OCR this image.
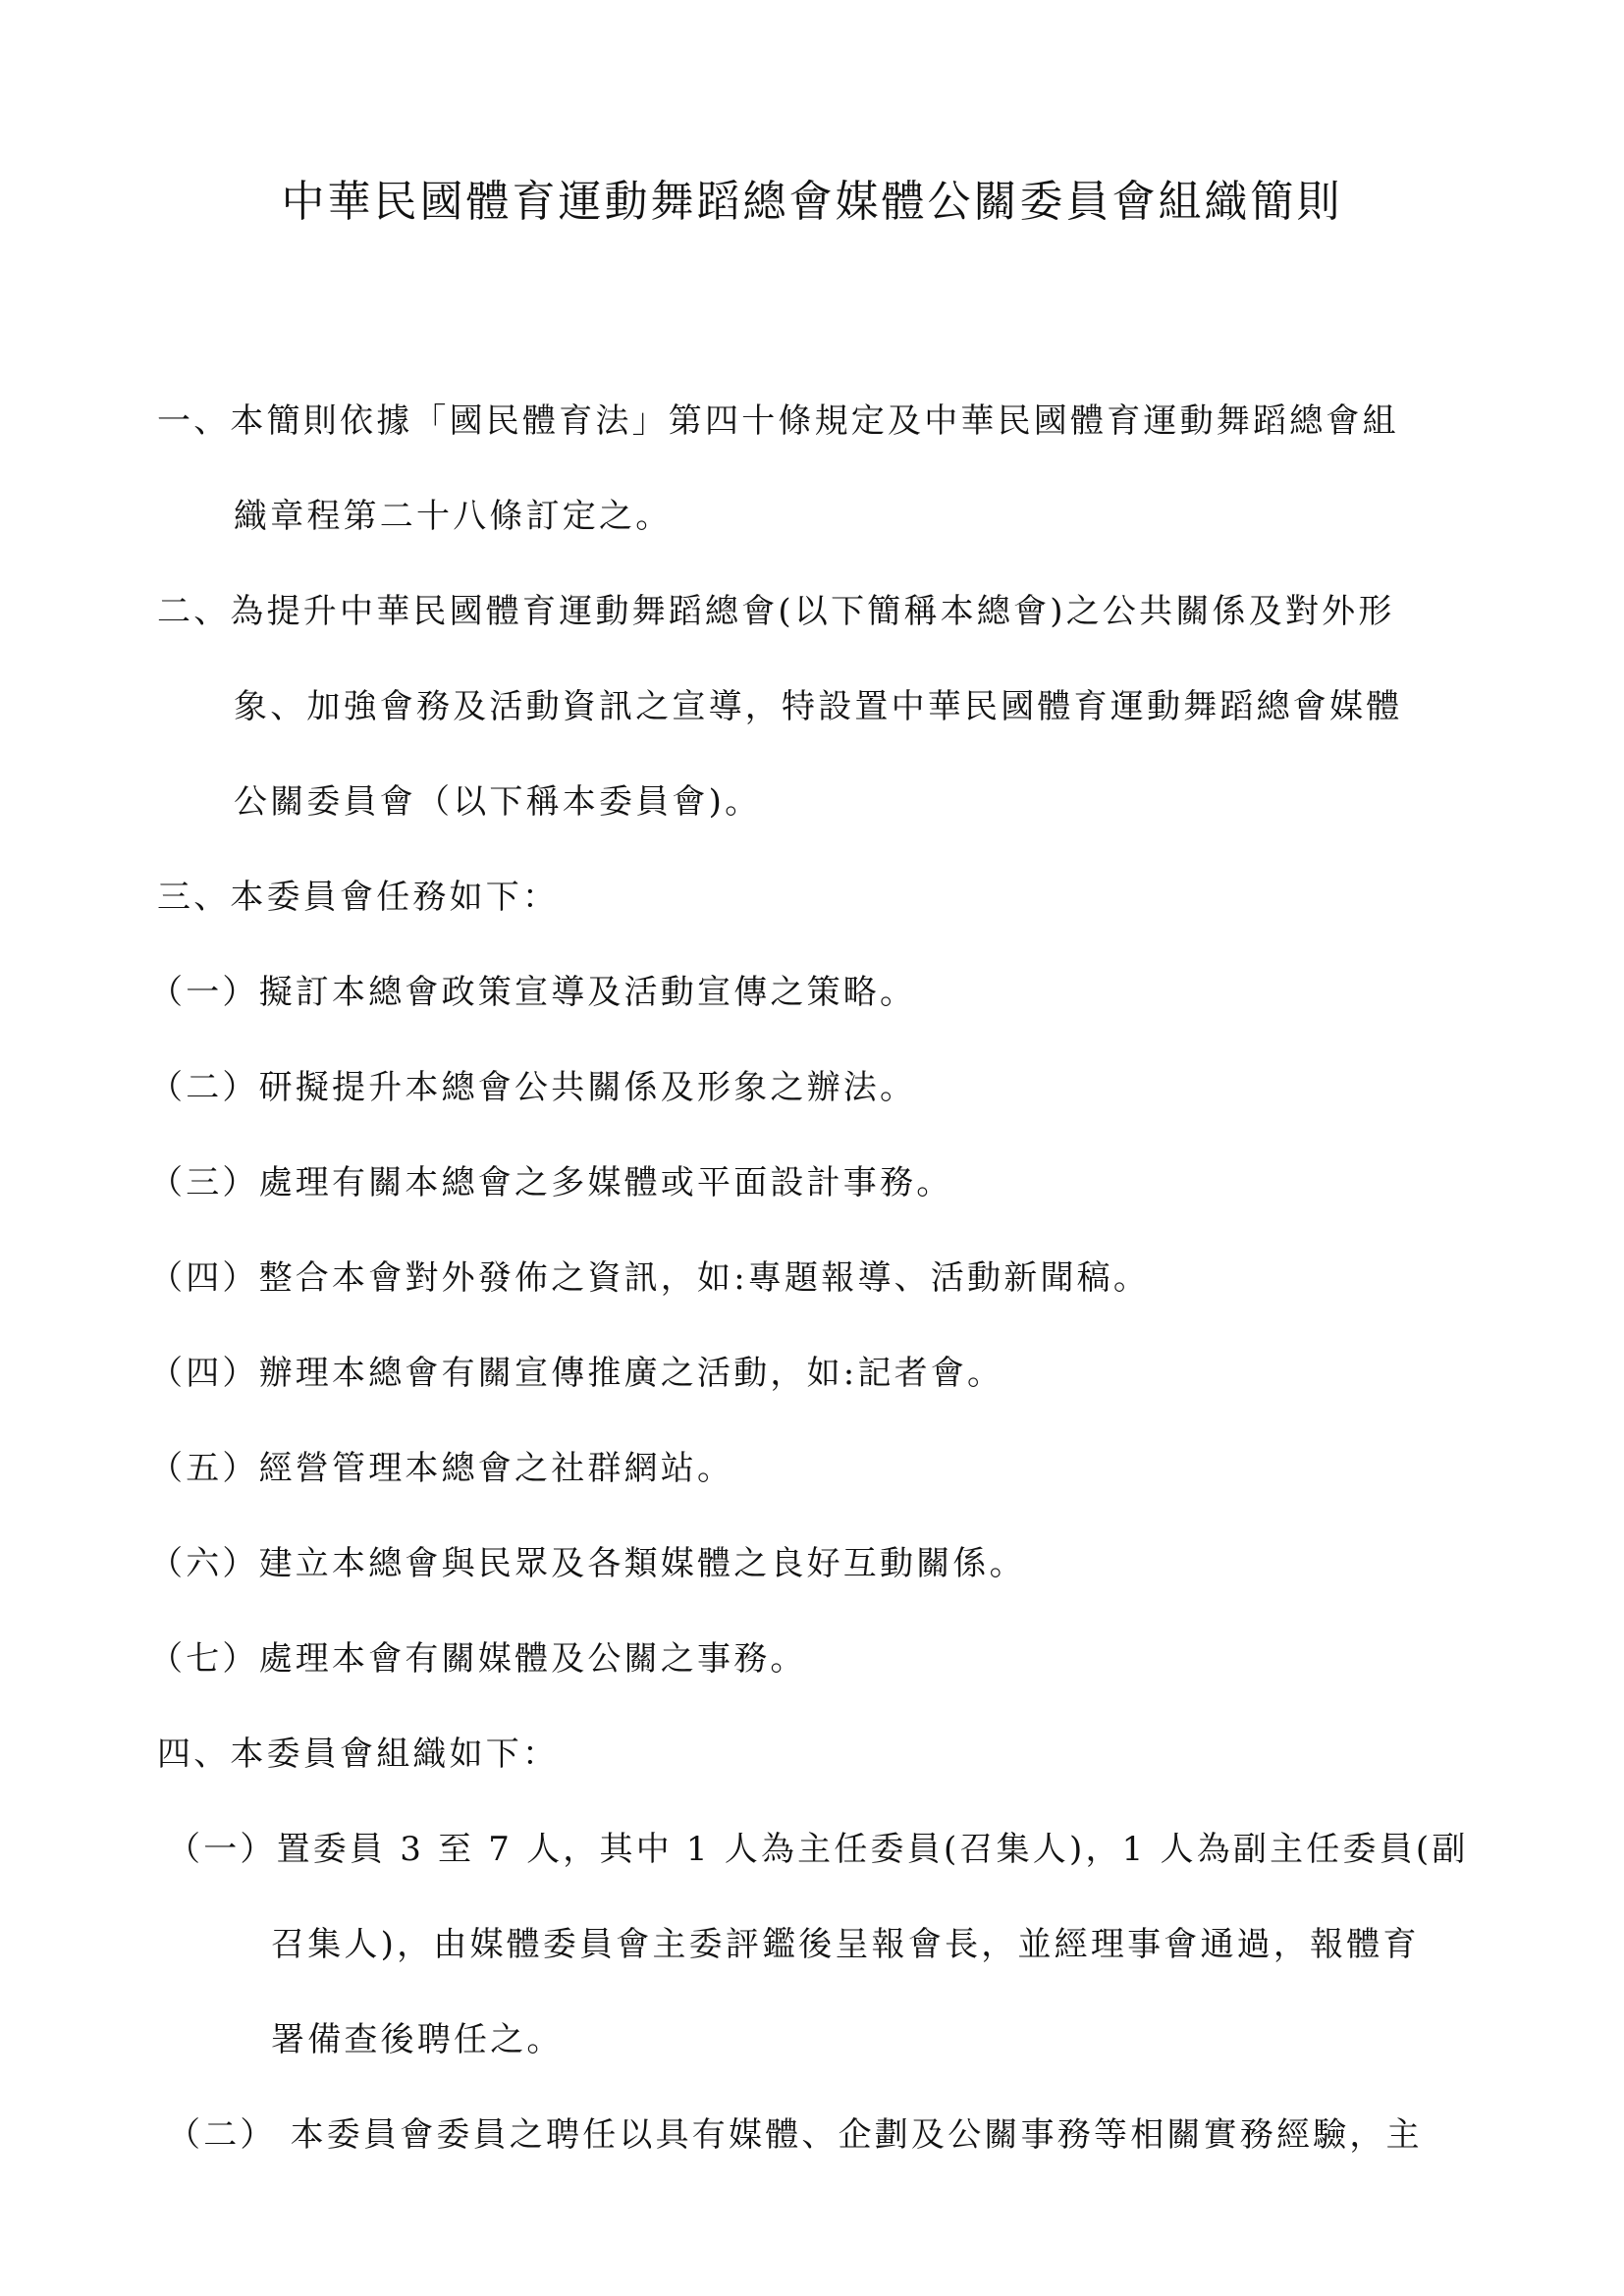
中華民國體育運動舞蹈總會媒體公關委員會組織簡則
一、本簡則依據「國民體育法」第四十條規定及中華民國體育運動舞蹈總會組
織章程第二十八條訂定之。
二、為提升中華民國體育運動舞蹈總會(以下簡稱本總會)之公共關係及對外形
象、加強會務及活動資訊之宣導，特設置中華民國體育運動舞蹈總會媒體
公關委員會（以下稱本委員會)。
三、本委員會任務如下：
（一）擬訂本總會政策宣導及活動宣傳之策略。
（二）研擬提升本總會公共關係及形象之辦法。
（三）處理有關本總會之多媒體或平面設計事務。
（四）整合本會對外發佈之資訊，如:專題報導、活動新聞稿。
（四）辦理本總會有關宣傳推廣之活動，如:記者會。
（五）經營管理本總會之社群網站。
（六）建立本總會與民眾及各類媒體之良好互動關係。
（七）處理本會有關媒體及公關之事務。
四、本委員會組織如下：
（一）置委員 3 至 7 人，其中 1 人為主任委員(召集人)，1 人為副主任委員(副
召集人)，由媒體委員會主委評鑑後呈報會長，並經理事會通過，報體育
署備查後聘任之。
（二） 本委員會委員之聘任以具有媒體、企劃及公關事務等相關實務經驗，主
